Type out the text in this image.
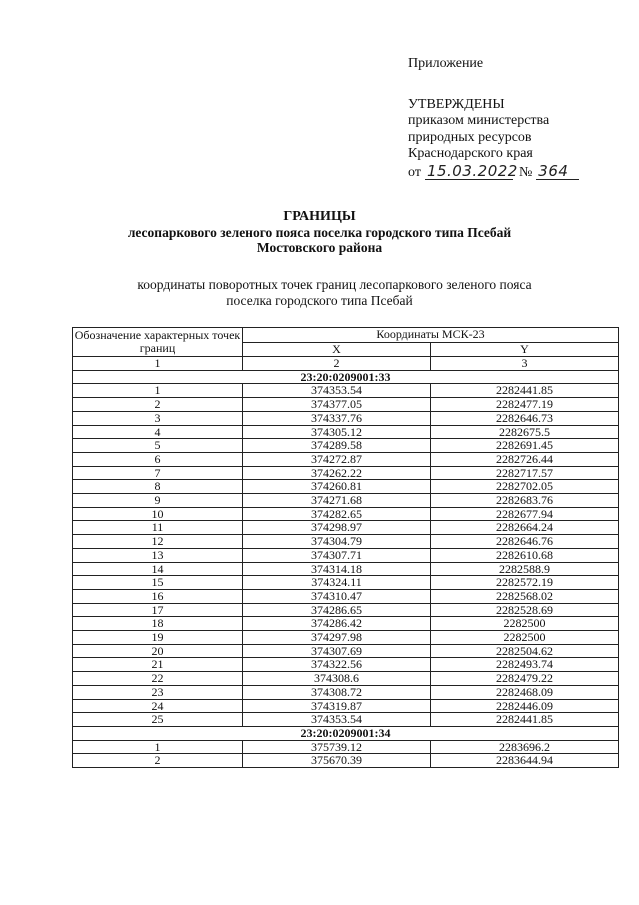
Приложение
УТВЕРЖДЕНЫ
приказом министерства
природных ресурсов
Краснодарского края
от 15.03.2022 № 364
ГРАНИЦЫ
лесопаркового зеленого пояса поселка городского типа Псебай
Мостовского района
координаты поворотных точек границ лесопаркового зеленого пояса
поселка городского типа Псебай
Обозначение характерных точек границ	Координаты МСК-23	
	X	Y
1	2	3
23:20:0209001:33		
1	374353.54	2282441.85
2	374377.05	2282477.19
3	374337.76	2282646.73
4	374305.12	2282675.5
5	374289.58	2282691.45
6	374272.87	2282726.44
7	374262.22	2282717.57
8	374260.81	2282702.05
9	374271.68	2282683.76
10	374282.65	2282677.94
11	374298.97	2282664.24
12	374304.79	2282646.76
13	374307.71	2282610.68
14	374314.18	2282588.9
15	374324.11	2282572.19
16	374310.47	2282568.02
17	374286.65	2282528.69
18	374286.42	2282500
19	374297.98	2282500
20	374307.69	2282504.62
21	374322.56	2282493.74
22	374308.6	2282479.22
23	374308.72	2282468.09
24	374319.87	2282446.09
25	374353.54	2282441.85
23:20:0209001:34		
1	375739.12	2283696.2
2	375670.39	2283644.94
